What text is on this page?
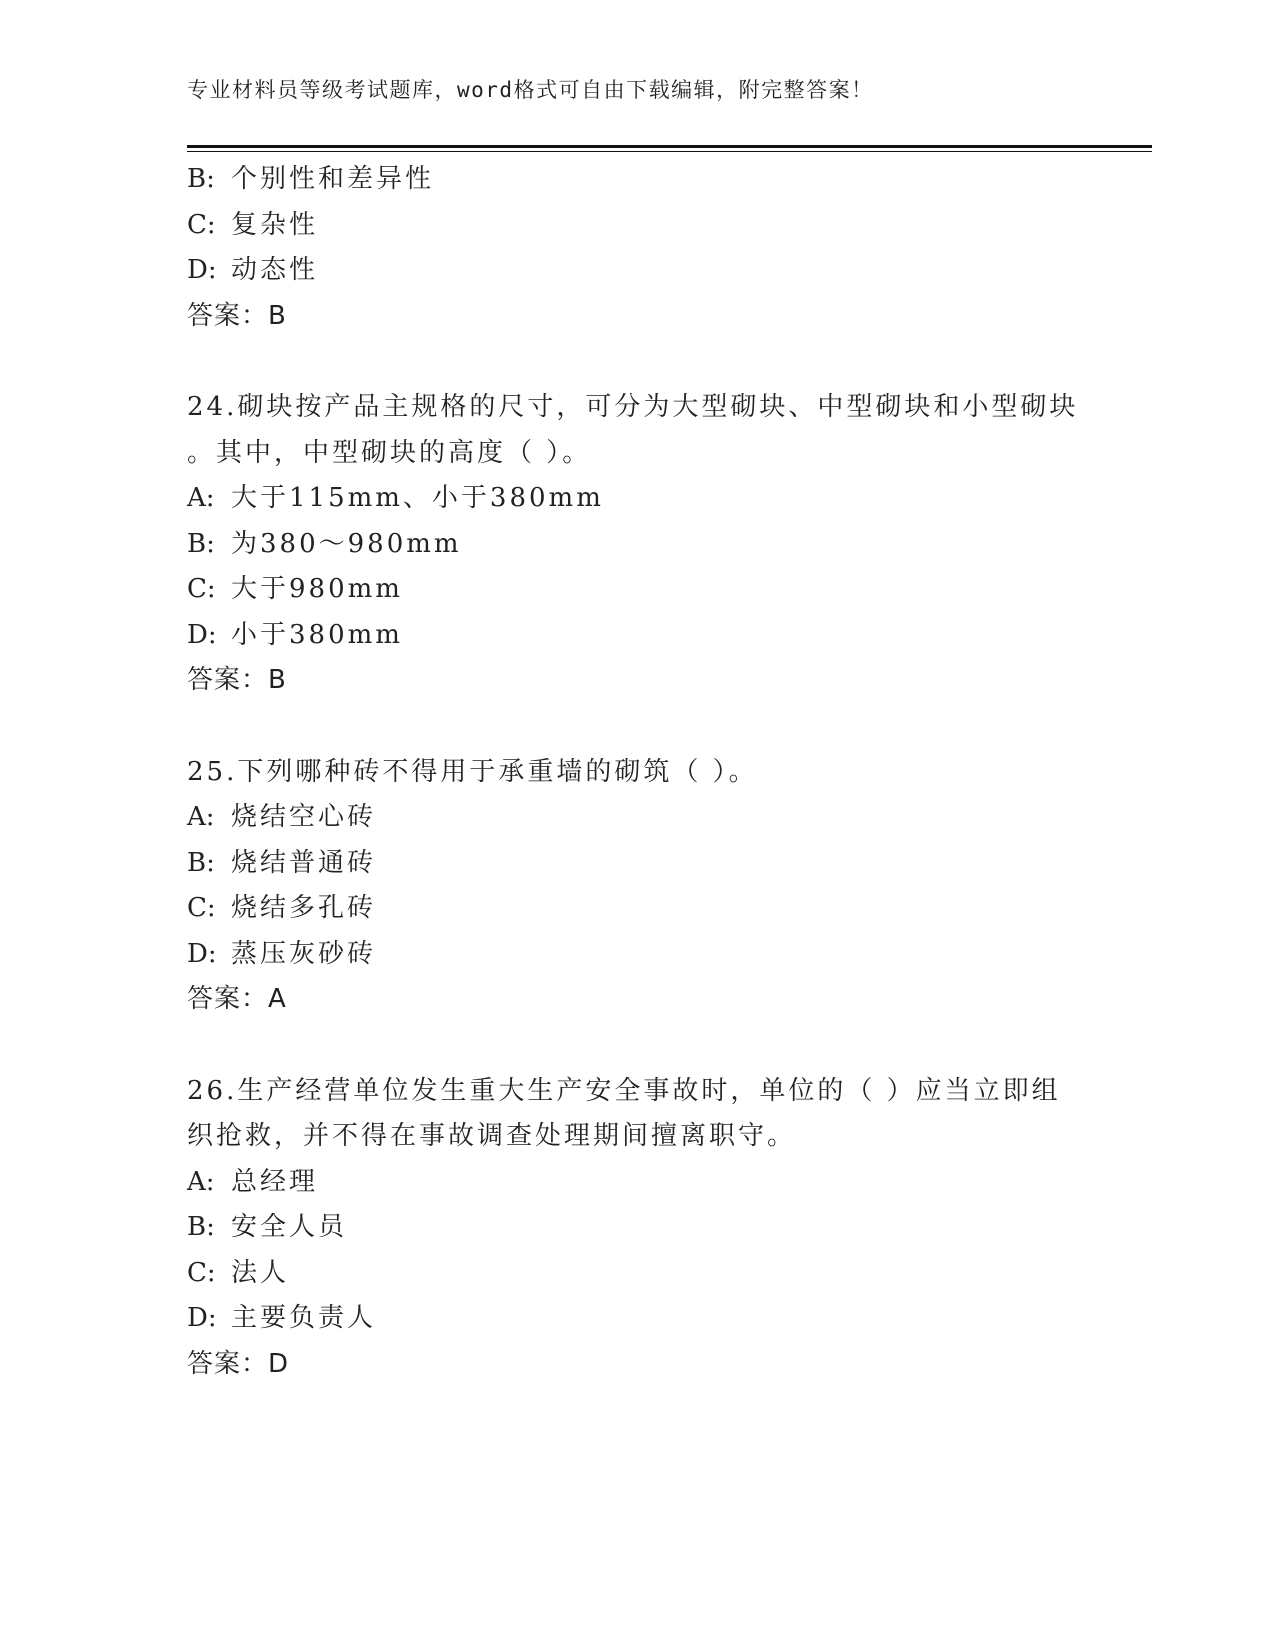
专业材料员等级考试题库，word格式可自由下载编辑，附完整答案！
B: 个别性和差异性
C: 复杂性
D: 动态性
答案：B
24.砌块按产品主规格的尺寸，可分为大型砌块、中型砌块和小型砌块
。其中，中型砌块的高度（ ）。
A: 大于115mm、小于380mm
B: 为380～980mm
C: 大于980mm
D: 小于380mm
答案：B
25.下列哪种砖不得用于承重墙的砌筑（ ）。
A: 烧结空心砖
B: 烧结普通砖
C: 烧结多孔砖
D: 蒸压灰砂砖
答案：A
26.生产经营单位发生重大生产安全事故时，单位的（ ）应当立即组
织抢救，并不得在事故调查处理期间擅离职守。
A: 总经理
B: 安全人员
C: 法人
D: 主要负责人
答案：D
